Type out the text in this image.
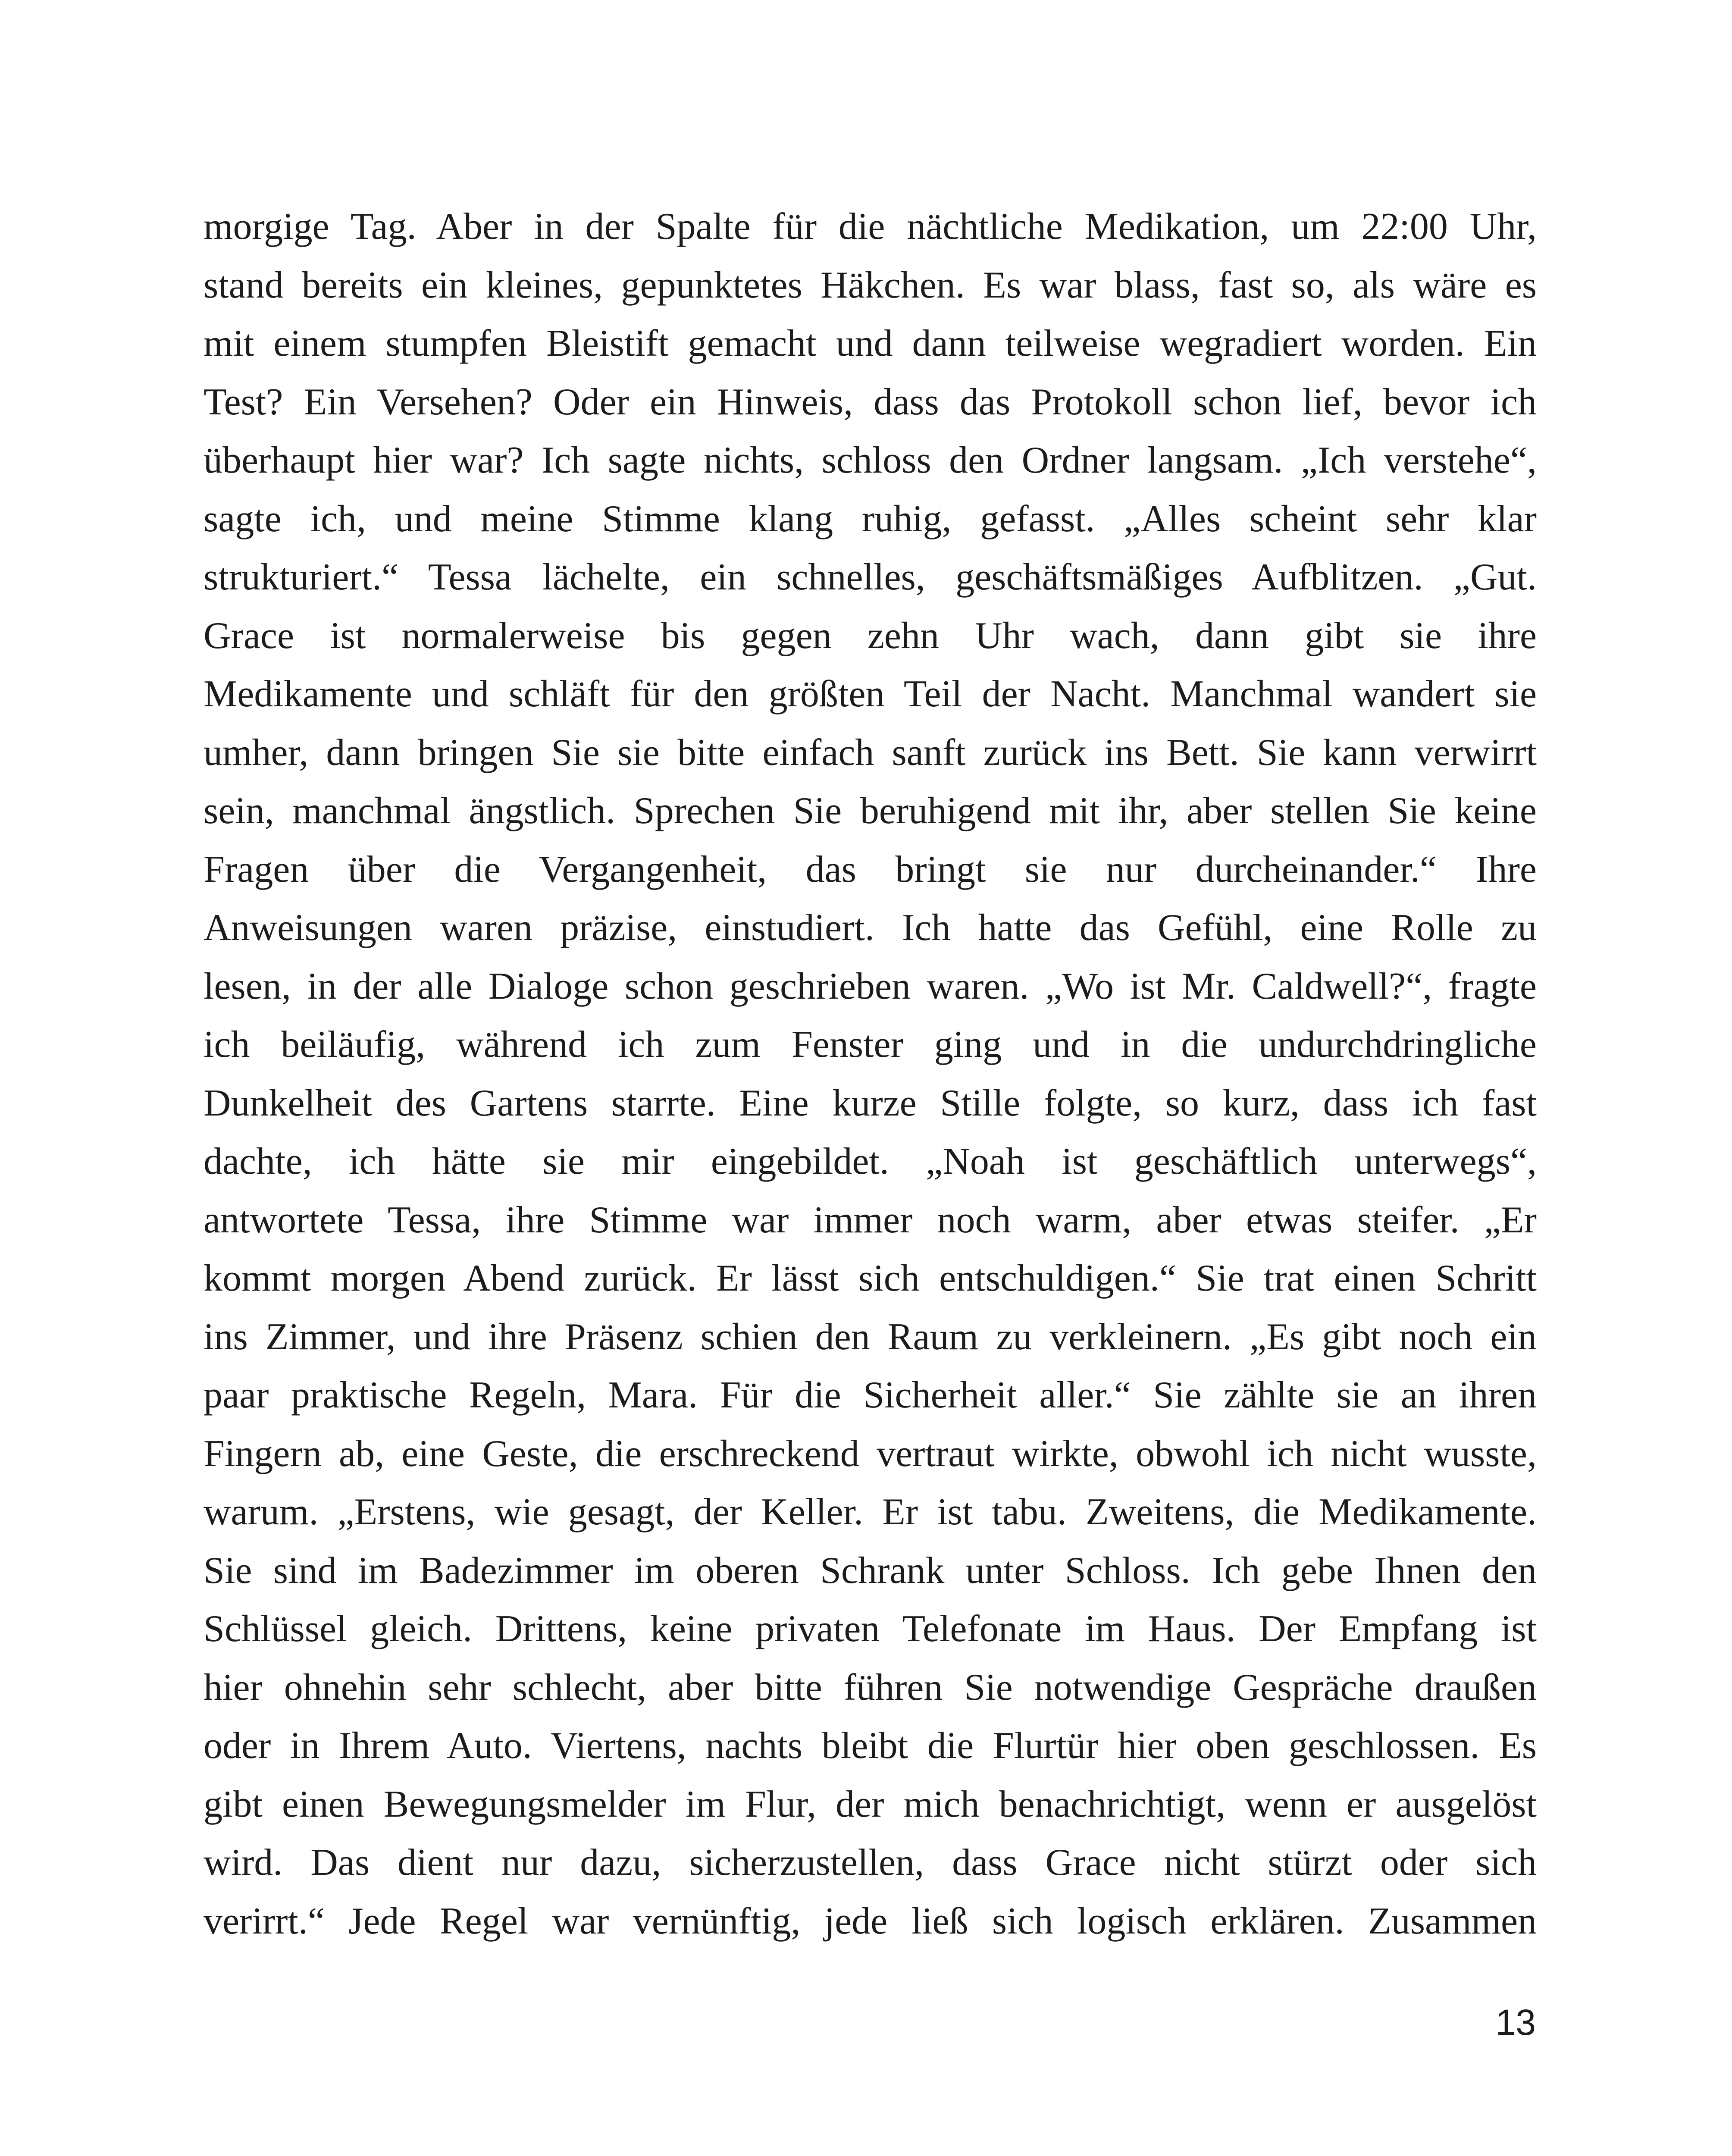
morgige Tag. Aber in der Spalte für die nächtliche Medikation, um 22:00 Uhr,
stand bereits ein kleines, gepunktetes Häkchen. Es war blass, fast so, als wäre es
mit einem stumpfen Bleistift gemacht und dann teilweise wegradiert worden. Ein
Test? Ein Versehen? Oder ein Hinweis, dass das Protokoll schon lief, bevor ich
überhaupt hier war? Ich sagte nichts, schloss den Ordner langsam. „Ich verstehe“,
sagte ich, und meine Stimme klang ruhig, gefasst. „Alles scheint sehr klar
strukturiert.“ Tessa lächelte, ein schnelles, geschäftsmäßiges Aufblitzen. „Gut.
Grace ist normalerweise bis gegen zehn Uhr wach, dann gibt sie ihre
Medikamente und schläft für den größten Teil der Nacht. Manchmal wandert sie
umher, dann bringen Sie sie bitte einfach sanft zurück ins Bett. Sie kann verwirrt
sein, manchmal ängstlich. Sprechen Sie beruhigend mit ihr, aber stellen Sie keine
Fragen über die Vergangenheit, das bringt sie nur durcheinander.“ Ihre
Anweisungen waren präzise, einstudiert. Ich hatte das Gefühl, eine Rolle zu
lesen, in der alle Dialoge schon geschrieben waren. „Wo ist Mr. Caldwell?“, fragte
ich beiläufig, während ich zum Fenster ging und in die undurchdringliche
Dunkelheit des Gartens starrte. Eine kurze Stille folgte, so kurz, dass ich fast
dachte, ich hätte sie mir eingebildet. „Noah ist geschäftlich unterwegs“,
antwortete Tessa, ihre Stimme war immer noch warm, aber etwas steifer. „Er
kommt morgen Abend zurück. Er lässt sich entschuldigen.“ Sie trat einen Schritt
ins Zimmer, und ihre Präsenz schien den Raum zu verkleinern. „Es gibt noch ein
paar praktische Regeln, Mara. Für die Sicherheit aller.“ Sie zählte sie an ihren
Fingern ab, eine Geste, die erschreckend vertraut wirkte, obwohl ich nicht wusste,
warum. „Erstens, wie gesagt, der Keller. Er ist tabu. Zweitens, die Medikamente.
Sie sind im Badezimmer im oberen Schrank unter Schloss. Ich gebe Ihnen den
Schlüssel gleich. Drittens, keine privaten Telefonate im Haus. Der Empfang ist
hier ohnehin sehr schlecht, aber bitte führen Sie notwendige Gespräche draußen
oder in Ihrem Auto. Viertens, nachts bleibt die Flurtür hier oben geschlossen. Es
gibt einen Bewegungsmelder im Flur, der mich benachrichtigt, wenn er ausgelöst
wird. Das dient nur dazu, sicherzustellen, dass Grace nicht stürzt oder sich
verirrt.“ Jede Regel war vernünftig, jede ließ sich logisch erklären. Zusammen
13
